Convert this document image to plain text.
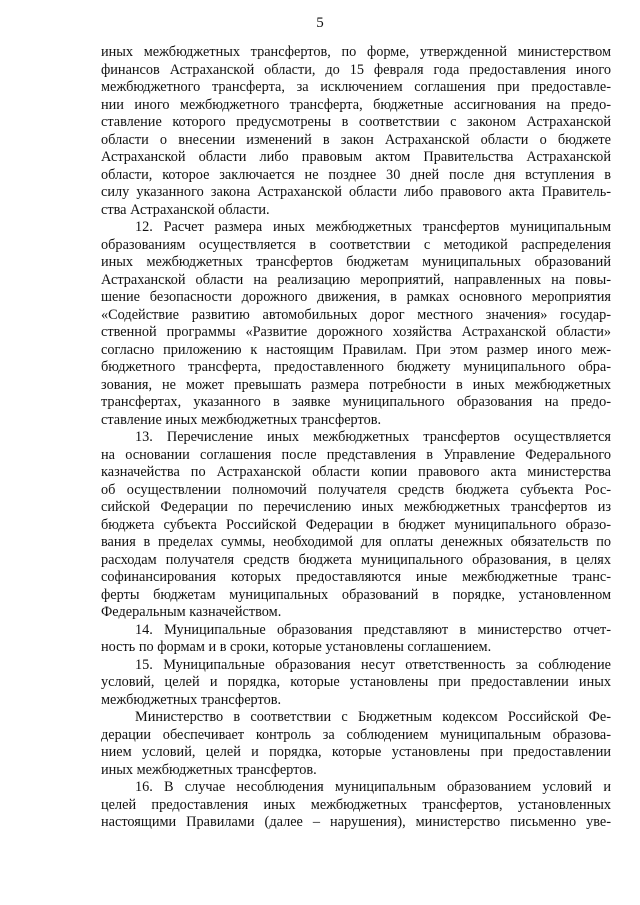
5
иных межбюджетных трансфертов, по форме, утвержденной министерством
финансов Астраханской области, до 15 февраля года предоставления иного
межбюджетного трансферта, за исключением соглашения при предоставле-
нии иного межбюджетного трансферта, бюджетные ассигнования на предо-
ставление которого предусмотрены в соответствии с законом Астраханской
области о внесении изменений в закон Астраханской области о бюджете
Астраханской области либо правовым актом Правительства Астраханской
области, которое заключается не позднее 30 дней после дня вступления в
силу указанного закона Астраханской области либо правового акта Правитель-
ства Астраханской области.
12. Расчет размера иных межбюджетных трансфертов муниципальным
образованиям осуществляется в соответствии с методикой распределения
иных межбюджетных трансфертов бюджетам муниципальных образований
Астраханской области на реализацию мероприятий, направленных на повы-
шение безопасности дорожного движения, в рамках основного мероприятия
«Содействие развитию автомобильных дорог местного значения» государ-
ственной программы «Развитие дорожного хозяйства Астраханской области»
согласно приложению к настоящим Правилам. При этом размер иного меж-
бюджетного трансферта, предоставленного бюджету муниципального обра-
зования, не может превышать размера потребности в иных межбюджетных
трансфертах, указанного в заявке муниципального образования на предо-
ставление иных межбюджетных трансфертов.
13. Перечисление иных межбюджетных трансфертов осуществляется
на основании соглашения после представления в Управление Федерального
казначейства по Астраханской области копии правового акта министерства
об осуществлении полномочий получателя средств бюджета субъекта Рос-
сийской Федерации по перечислению иных межбюджетных трансфертов из
бюджета субъекта Российской Федерации в бюджет муниципального образо-
вания в пределах суммы, необходимой для оплаты денежных обязательств по
расходам получателя средств бюджета муниципального образования, в целях
софинансирования которых предоставляются иные межбюджетные транс-
ферты бюджетам муниципальных образований в порядке, установленном
Федеральным казначейством.
14. Муниципальные образования представляют в министерство отчет-
ность по формам и в сроки, которые установлены соглашением.
15. Муниципальные образования несут ответственность за соблюдение
условий, целей и порядка, которые установлены при предоставлении иных
межбюджетных трансфертов.
Министерство в соответствии с Бюджетным кодексом Российской Фе-
дерации обеспечивает контроль за соблюдением муниципальным образова-
нием условий, целей и порядка, которые установлены при предоставлении
иных межбюджетных трансфертов.
16. В случае несоблюдения муниципальным образованием условий и
целей предоставления иных межбюджетных трансфертов, установленных
настоящими Правилами (далее – нарушения), министерство письменно уве-
